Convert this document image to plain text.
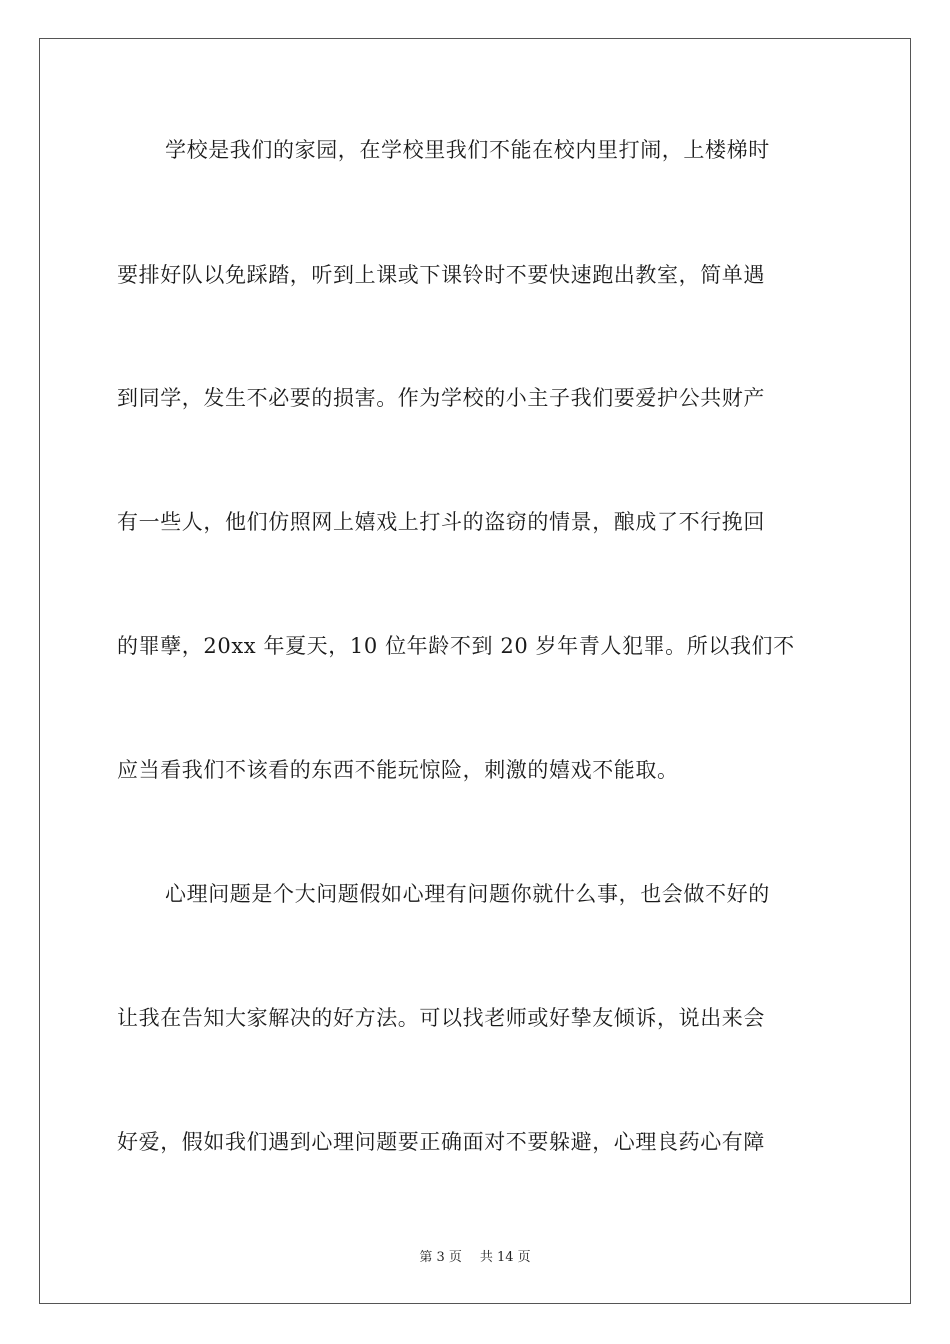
学校是我们的家园，在学校里我们不能在校内里打闹，上楼梯时
要排好队以免踩踏，听到上课或下课铃时不要快速跑出教室，简单遇
到同学，发生不必要的损害。作为学校的小主子我们要爱护公共财产
有一些人，他们仿照网上嬉戏上打斗的盗窃的情景，酿成了不行挽回
的罪孽，20xx 年夏天，10 位年龄不到 20 岁年青人犯罪。所以我们不
应当看我们不该看的东西不能玩惊险，刺激的嬉戏不能取。
心理问题是个大问题假如心理有问题你就什么事，也会做不好的
让我在告知大家解决的好方法。可以找老师或好挚友倾诉，说出来会
好爱，假如我们遇到心理问题要正确面对不要躲避，心理良药心有障
第 3 页 共 14 页
